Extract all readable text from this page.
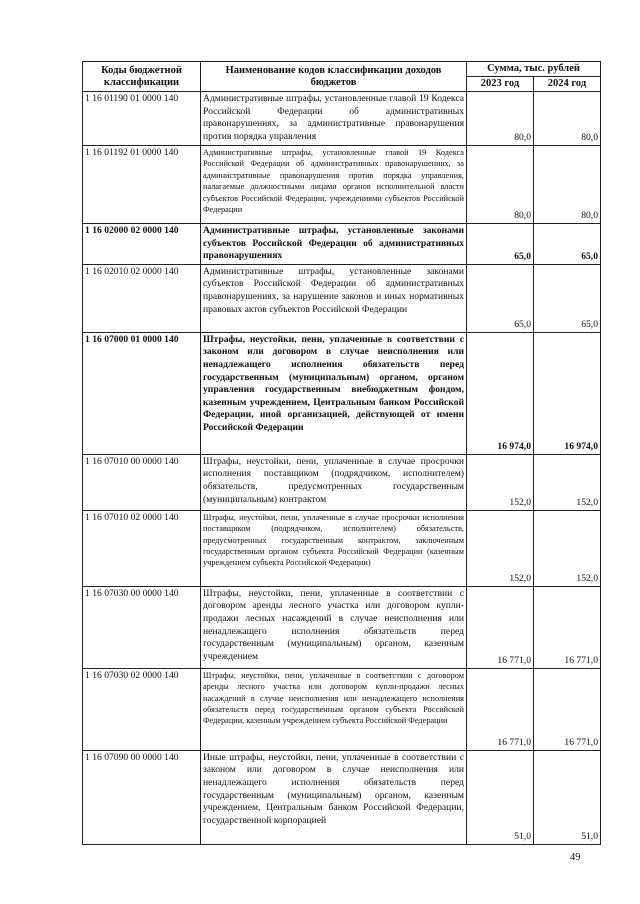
Коды бюджетной классификации	Наименование кодов классификации доходов бюджетов	Сумма, тыс. рублей	
		2023 год	2024 год
1 16 01190 01 0000 140	Административные штрафы, установленные главой 19 Кодекса Российской Федерации об административных правонарушениях, за административные правонарушения против порядка управления	80,0	80,0
1 16 01192 01 0000 140	Административные штрафы, установленные главой 19 Кодекса Российской Федерации об административных правонарушениях, за административные правонарушения против порядка управления, налагаемые должностными лицами органов исполнительной власти субъектов Российской Федерации, учреждениями субъектов Российской Федерации	80,0	80,0
1 16 02000 02 0000 140	Административные штрафы, установленные законами субъектов Российской Федерации об административных правонарушениях	65,0	65,0
1 16 02010 02 0000 140	Административные штрафы, установленные законами субъектов Российской Федерации об административных правонарушениях, за нарушение законов и иных нормативных правовых актов субъектов Российской Федерации	65,0	65,0
1 16 07000 01 0000 140	Штрафы, неустойки, пени, уплаченные в соответствии с законом или договором в случае неисполнения или ненадлежащего исполнения обязательств перед государственным (муниципальным) органом, органом управления государственным внебюджетным фондом, казенным учреждением, Центральным банком Российской Федерации, иной организацией, действующей от имени Российской Федерации	16 974,0	16 974,0
1 16 07010 00 0000 140	Штрафы, неустойки, пени, уплаченные в случае просрочки исполнения поставщиком (подрядчиком, исполнителем) обязательств, предусмотренных государственным (муниципальным) контрактом	152,0	152,0
1 16 07010 02 0000 140	Штрафы, неустойки, пени, уплаченные в случае просрочки исполнения поставщиком (подрядчиком, исполнителем) обязательств, предусмотренных государственным контрактом, заключенным государственным органом субъекта Российской Федерации (казенным учреждением субъекта Российской Федерации)	152,0	152,0
1 16 07030 00 0000 140	Штрафы, неустойки, пени, уплаченные в соответствии с договором аренды лесного участка или договором купли-продажи лесных насаждений в случае неисполнения или ненадлежащего исполнения обязательств перед государственным (муниципальным) органом, казенным учреждением	16 771,0	16 771,0
1 16 07030 02 0000 140	Штрафы, неустойки, пени, уплаченные в соответствии с договором аренды лесного участка или договором купли-продажи лесных насаждений в случае неисполнения или ненадлежащего исполнения обязательств перед государственным органом субъекта Российской Федерации, казенным учреждением субъекта Российской Федерации	16 771,0	16 771,0
1 16 07090 00 0000 140	Иные штрафы, неустойки, пени, уплаченные в соответствии с законом или договором в случае неисполнения или ненадлежащего исполнения обязательств перед государственным (муниципальным) органом, казенным учреждением, Центральным банком Российской Федерации, государственной корпорацией	51,0	51,0
49
